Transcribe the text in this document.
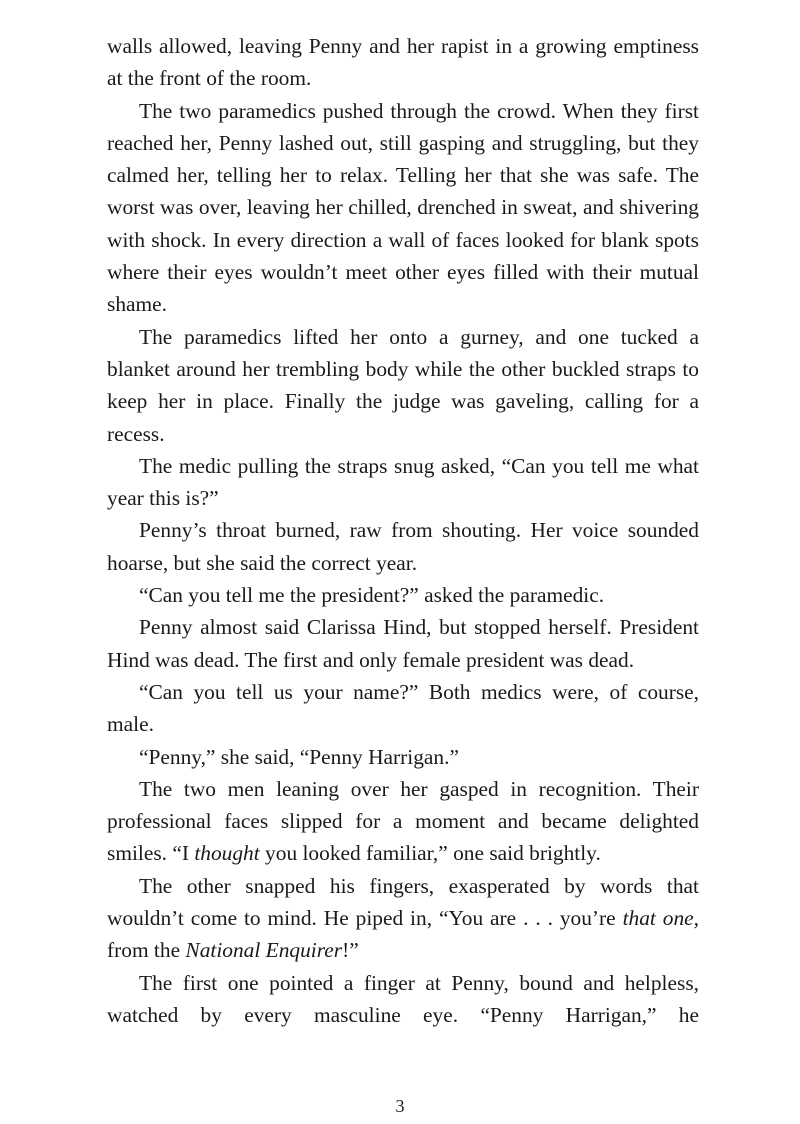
walls allowed, leaving Penny and her rapist in a growing emptiness at the front of the room.

The two paramedics pushed through the crowd. When they first reached her, Penny lashed out, still gasping and struggling, but they calmed her, telling her to relax. Telling her that she was safe. The worst was over, leaving her chilled, drenched in sweat, and shivering with shock. In every direction a wall of faces looked for blank spots where their eyes wouldn’t meet other eyes filled with their mutual shame.

The paramedics lifted her onto a gurney, and one tucked a blanket around her trembling body while the other buckled straps to keep her in place. Finally the judge was gaveling, calling for a recess.

The medic pulling the straps snug asked, “Can you tell me what year this is?”

Penny’s throat burned, raw from shouting. Her voice sounded hoarse, but she said the correct year.

“Can you tell me the president?” asked the paramedic.

Penny almost said Clarissa Hind, but stopped herself. President Hind was dead. The first and only female president was dead.

“Can you tell us your name?” Both medics were, of course, male.

“Penny,” she said, “Penny Harrigan.”

The two men leaning over her gasped in recognition. Their professional faces slipped for a moment and became delighted smiles. “I thought you looked familiar,” one said brightly.

The other snapped his fingers, exasperated by words that wouldn’t come to mind. He piped in, “You are . . . you’re that one, from the National Enquirer!”

The first one pointed a finger at Penny, bound and helpless, watched by every masculine eye. “Penny Harrigan,” he

3
